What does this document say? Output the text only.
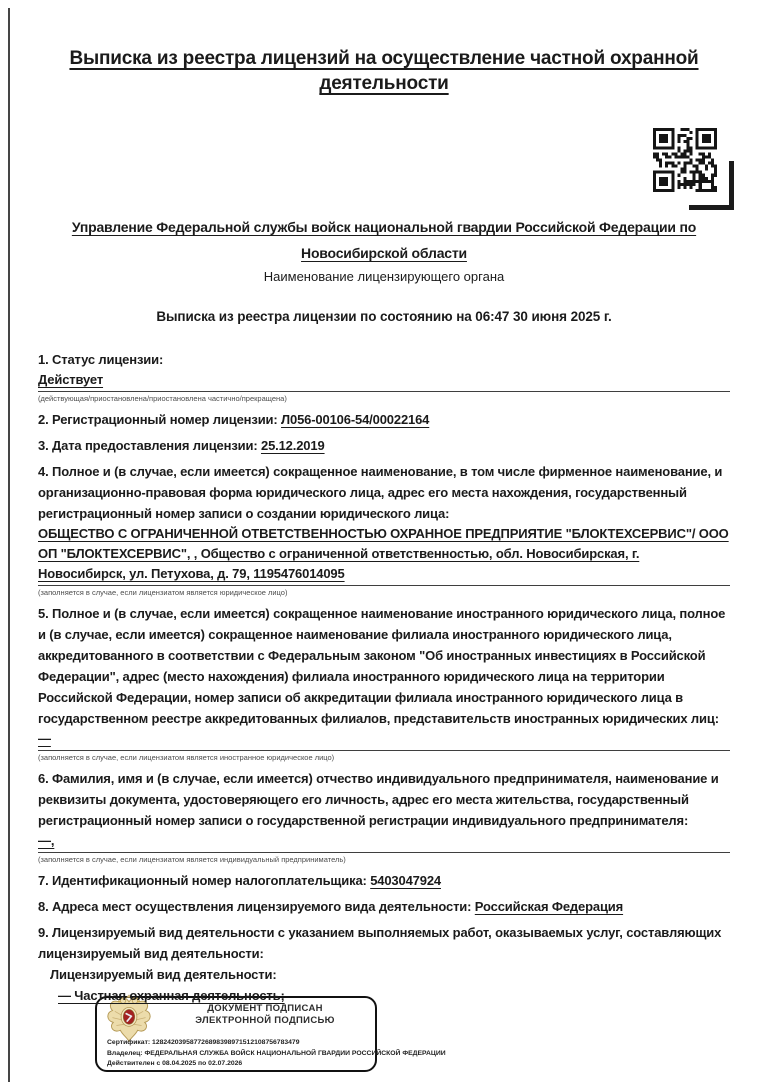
Выписка из реестра лицензий на осуществление частной охранной деятельности
Управление Федеральной службы войск национальной гвардии Российской Федерации по Новосибирской области
Наименование лицензирующего органа
Выписка из реестра лицензии по состоянию на 06:47 30 июня 2025 г.

1. Статус лицензии:

Действует
(действующая/приостановлена/приостановлена частично/прекращена)

2. Регистрационный номер лицензии: Л056-00106-54/00022164

3. Дата предоставления лицензии: 25.12.2019

4. Полное и (в случае, если имеется) сокращенное наименование, в том числе фирменное наименование, и организационно-правовая форма юридического лица, адрес его места нахождения, государственный регистрационный номер записи о создании юридического лица:

ОБЩЕСТВО С ОГРАНИЧЕННОЙ ОТВЕТСТВЕННОСТЬЮ ОХРАННОЕ ПРЕДПРИЯТИЕ "БЛОКТЕХСЕРВИС"/ ООО ОП "БЛОКТЕХСЕРВИС", , Общество с ограниченной ответственностью, обл. Новосибирская, г. Новосибирск, ул. Петухова, д. 79, 1195476014095
(заполняется в случае, если лицензиатом является юридическое лицо)

5. Полное и (в случае, если имеется) сокращенное наименование иностранного юридического лица, полное и (в случае, если имеется) сокращенное наименование филиала иностранного юридического лица, аккредитованного в соответствии с Федеральным законом "Об иностранных инвестициях в Российской Федерации", адрес (место нахождения) филиала иностранного юридического лица на территории Российской Федерации, номер записи об аккредитации филиала иностранного юридического лица в государственном реестре аккредитованных филиалов, представительств иностранных юридических лиц:

—
(заполняется в случае, если лицензиатом является иностранное юридическое лицо)

6. Фамилия, имя и (в случае, если имеется) отчество индивидуального предпринимателя, наименование и реквизиты документа, удостоверяющего его личность, адрес его места жительства, государственный регистрационный номер записи о государственной регистрации индивидуального предпринимателя:

—,
(заполняется в случае, если лицензиатом является индивидуальный предприниматель)

7. Идентификационный номер налогоплательщика: 5403047924

8. Адреса мест осуществления лицензируемого вида деятельности: Российская Федерация

9. Лицензируемый вид деятельности с указанием выполняемых работ, оказываемых услуг, составляющих лицензируемый вид деятельности:

Лицензируемый вид деятельности:

— Частная охранная деятельность;

ДОКУМЕНТ ПОДПИСАН
ЭЛЕКТРОННОЙ ПОДПИСЬЮ
Сертификат: 128242039587726898398971512108756783479
Владелец: ФЕДЕРАЛЬНАЯ СЛУЖБА ВОЙСК НАЦИОНАЛЬНОЙ ГВАРДИИ РОССИЙСКОЙ ФЕДЕРАЦИИ
Действителен с 08.04.2025 по 02.07.2026
